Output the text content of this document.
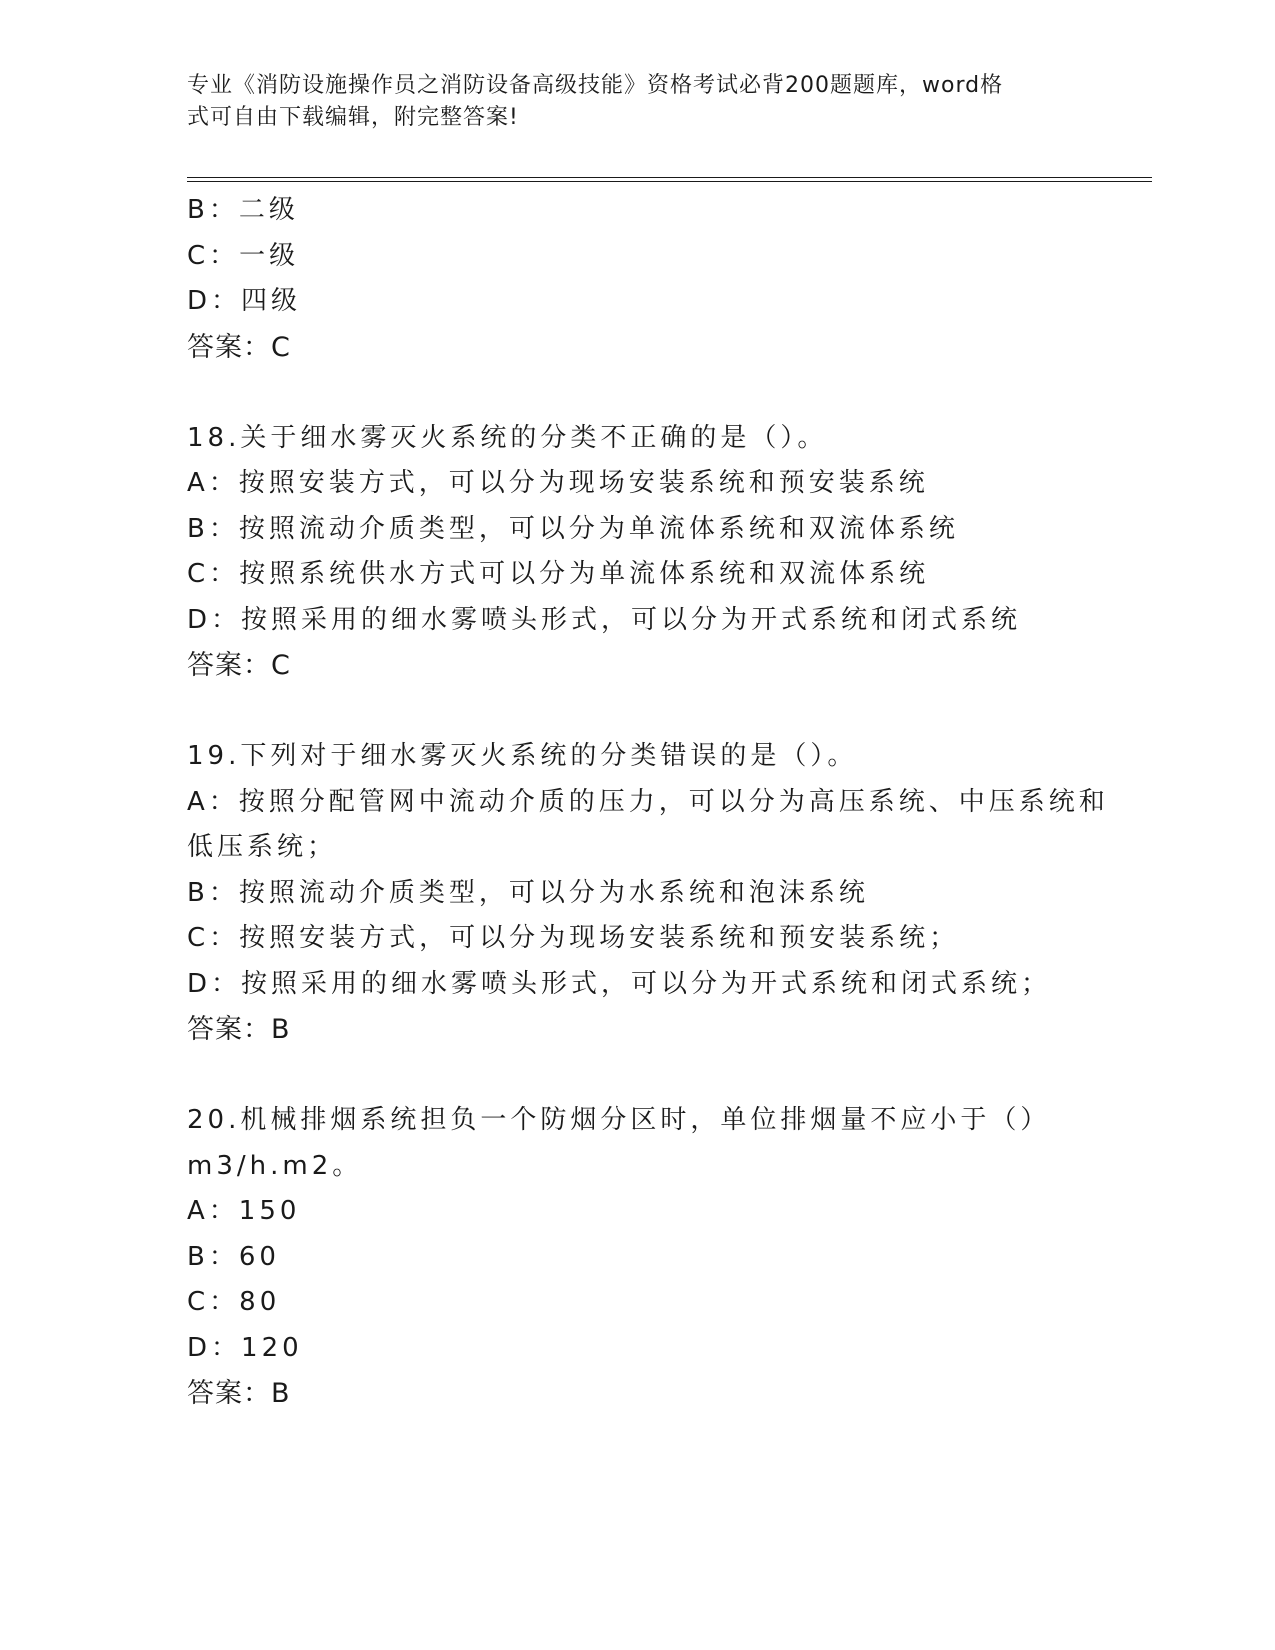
专业《消防设施操作员之消防设备高级技能》资格考试必背200题题库，word格
式可自由下载编辑，附完整答案!
B：二级
C：一级
D：四级
答案：C
18.关于细水雾灭火系统的分类不正确的是（）。
A：按照安装方式，可以分为现场安装系统和预安装系统
B：按照流动介质类型，可以分为单流体系统和双流体系统
C：按照系统供水方式可以分为单流体系统和双流体系统
D：按照采用的细水雾喷头形式，可以分为开式系统和闭式系统
答案：C
19.下列对于细水雾灭火系统的分类错误的是（）。
A：按照分配管网中流动介质的压力，可以分为高压系统、中压系统和
低压系统；
B：按照流动介质类型，可以分为水系统和泡沫系统
C：按照安装方式，可以分为现场安装系统和预安装系统；
D：按照采用的细水雾喷头形式，可以分为开式系统和闭式系统；
答案：B
20.机械排烟系统担负一个防烟分区时，单位排烟量不应小于（）
m3/h.m2。
A：150
B：60
C：80
D：120
答案：B
